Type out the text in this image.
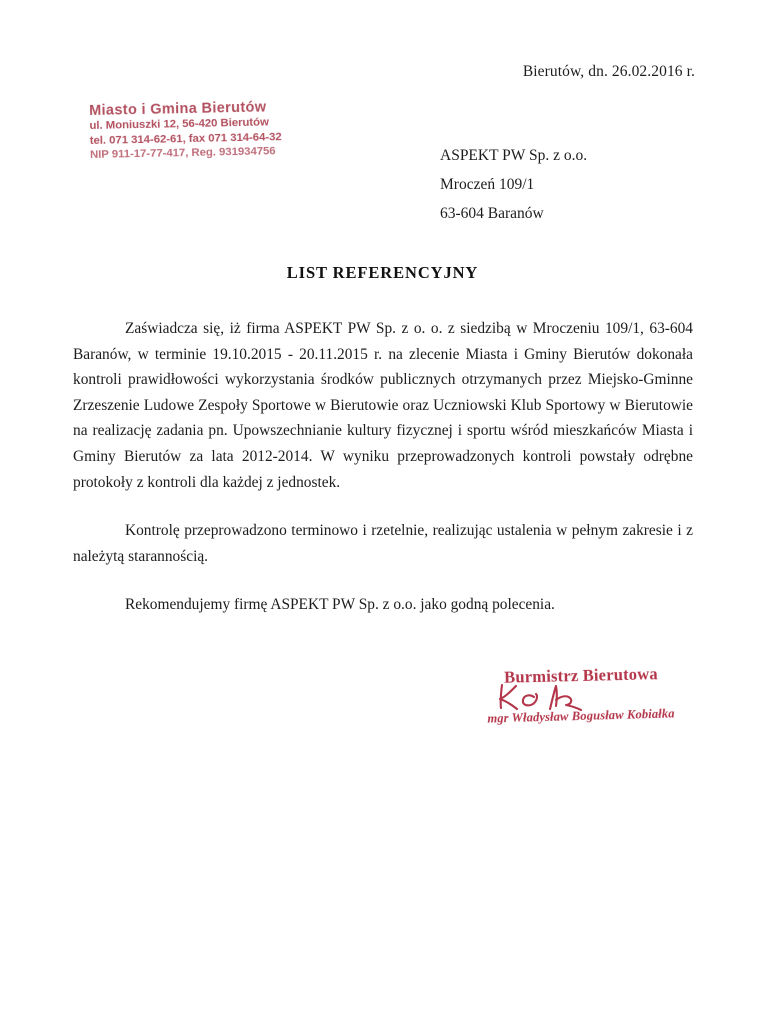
Bierutów, dn. 26.02.2016 r.
Miasto i Gmina Bierutów
ul. Moniuszki 12, 56-420 Bierutów
tel. 071 314-62-61, fax 071 314-64-32
NIP 911-17-77-417, Reg. 931934756	ASPEKT PW Sp. z o.o.
Mroczeń 109/1
63-604 Baranów
LIST REFERENCYJNY

Zaświadcza się, iż firma ASPEKT PW Sp. z o. o. z siedzibą w Mroczeniu 109/1, 63-604 Baranów, w terminie 19.10.2015 - 20.11.2015 r. na zlecenie Miasta i Gminy Bierutów dokonała kontroli prawidłowości wykorzystania środków publicznych otrzymanych przez Miejsko-Gminne Zrzeszenie Ludowe Zespoły Sportowe w Bierutowie oraz Uczniowski Klub Sportowy w Bierutowie na realizację zadania pn. Upowszechnianie kultury fizycznej i sportu wśród mieszkańców Miasta i Gminy Bierutów za lata 2012-2014. W wyniku przeprowadzonych kontroli powstały odrębne protokoły z kontroli dla każdej z jednostek.

Kontrolę przeprowadzono terminowo i rzetelnie, realizując ustalenia w pełnym zakresie i z należytą starannością.

Rekomendujemy firmę ASPEKT PW Sp. z o.o. jako godną polecenia.

Burmistrz Bierutowa
mgr Władysław Bogusław Kobiałka
